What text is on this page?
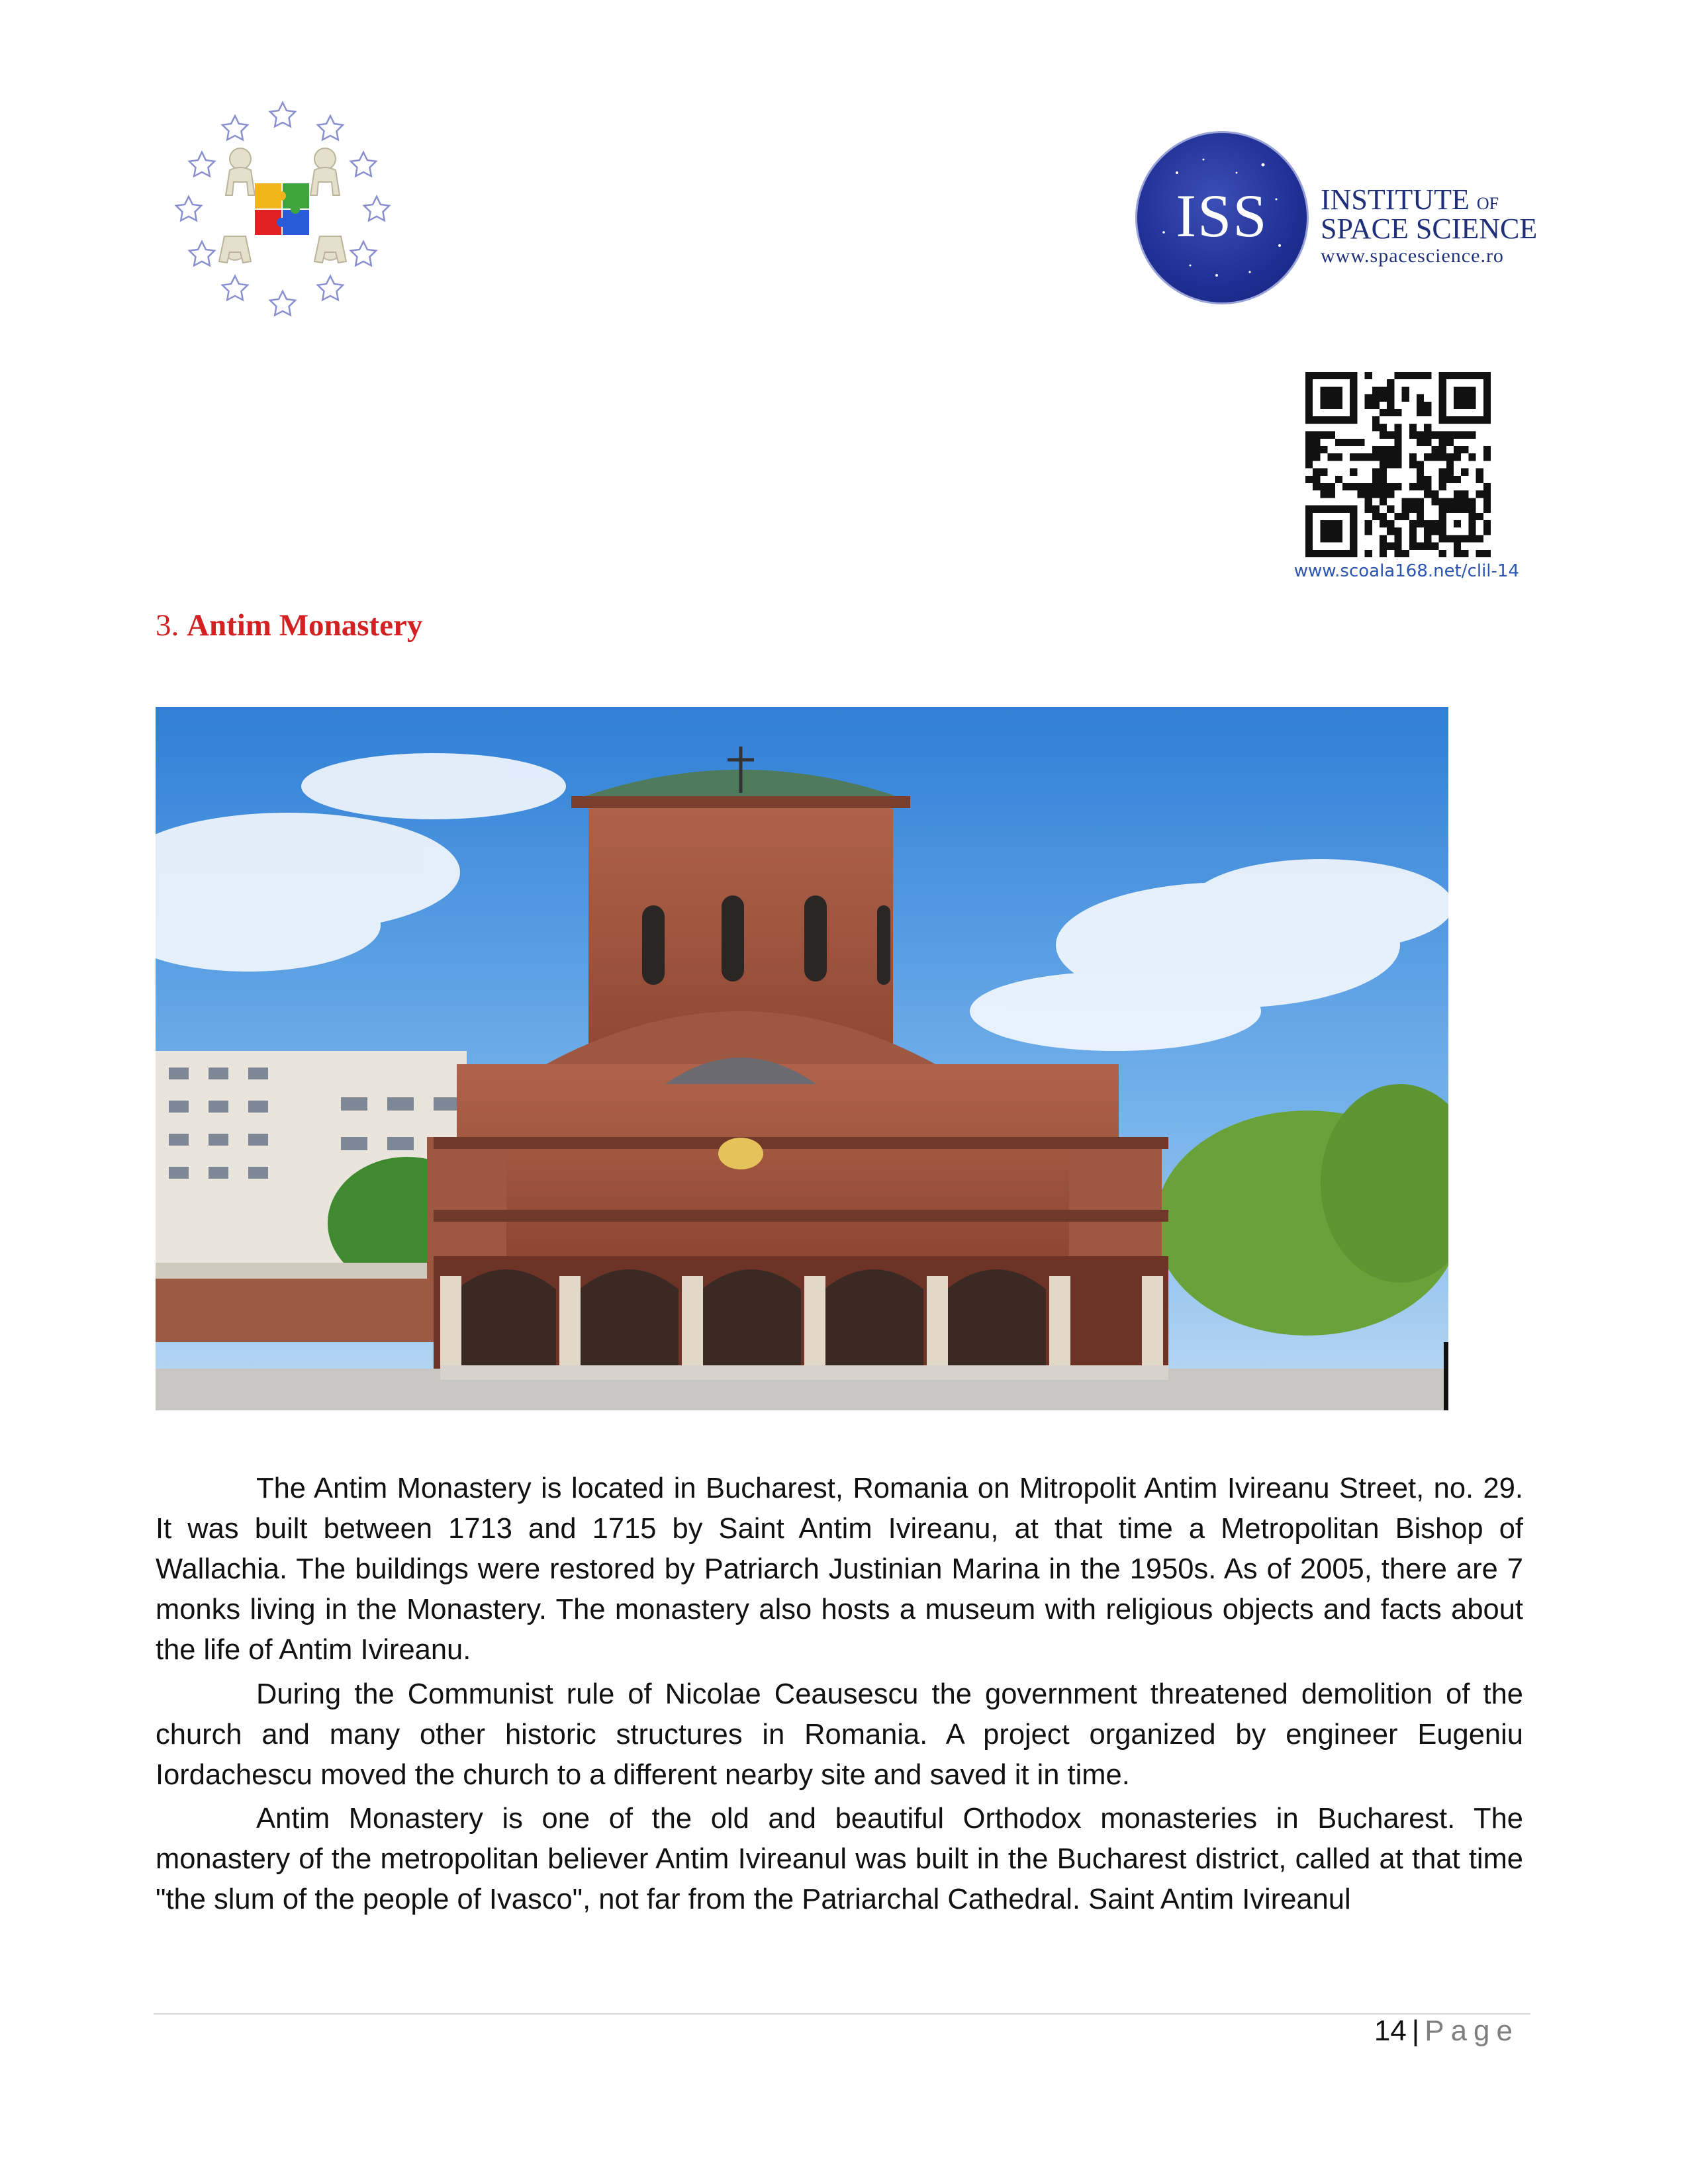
ISS	INSTITUTE OF
SPACE SCIENCE
www.spacescience.ro
www.scoala168.net/clil-14
3. Antim Monastery

The Antim Monastery is located in Bucharest, Romania on Mitropolit Antim Ivireanu Street, no. 29. It was built between 1713 and 1715 by Saint Antim Ivireanu, at that time a Metropolitan Bishop of Wallachia. The buildings were restored by Patriarch Justinian Marina in the 1950s. As of 2005, there are 7 monks living in the Monastery. The monastery also hosts a museum with religious objects and facts about the life of Antim Ivireanu.

During the Communist rule of Nicolae Ceausescu the government threatened demolition of the church and many other historic structures in Romania. A project organized by engineer Eugeniu Iordachescu moved the church to a different nearby site and saved it in time.

Antim Monastery is one of the old and beautiful Orthodox monasteries in Bucharest. The monastery of the metropolitan believer Antim Ivireanul was built in the Bucharest district, called at that time "the slum of the people of Ivasco", not far from the Patriarchal Cathedral. Saint Antim Ivireanul

14 | Page
